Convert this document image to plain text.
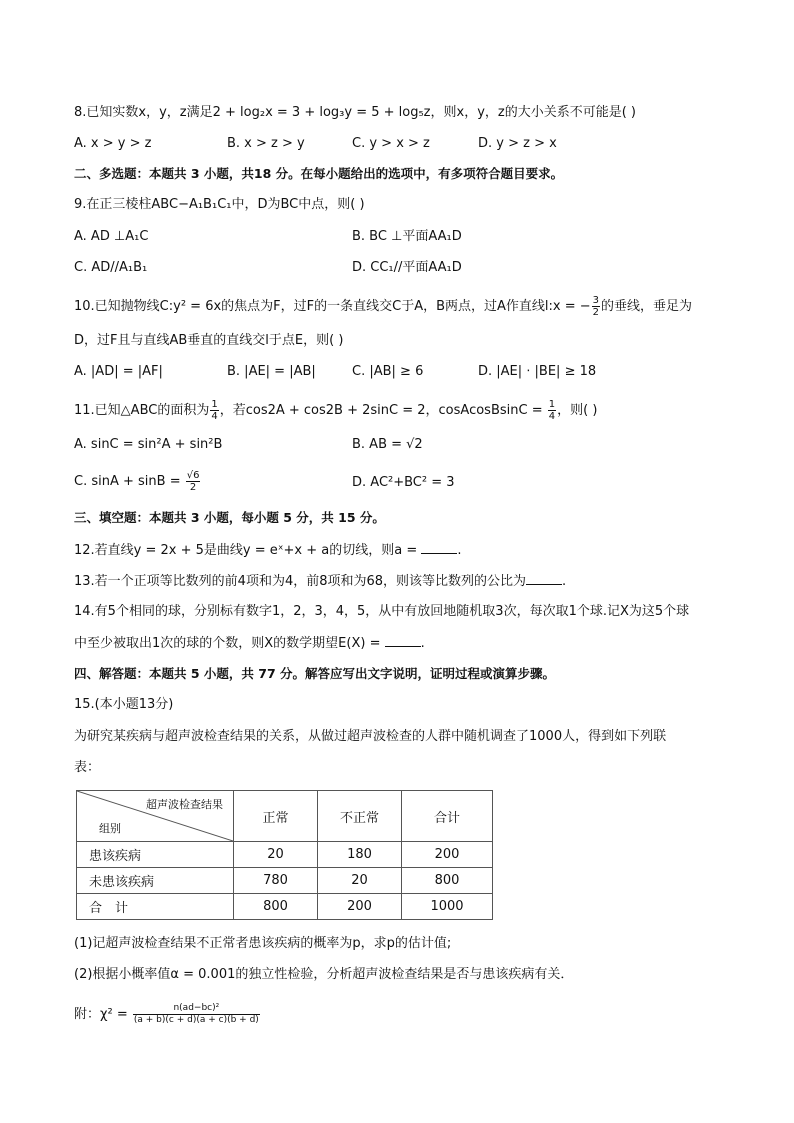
8.已知实数x，y，z满足2 + log₂x = 3 + log₃y = 5 + log₅z，则x，y，z的大小关系不可能是( )
A. x > y > z	B. x > z > y	C. y > x > z	D. y > z > x
二、多选题：本题共 3 小题，共18 分。在每小题给出的选项中，有多项符合题目要求。
9.在正三棱柱ABC−A₁B₁C₁中，D为BC中点，则( )
A. AD ⊥A₁C	B. BC ⊥平面AA₁D
C. AD//A₁B₁	D. CC₁//平面AA₁D
10.已知抛物线C:y² = 6x的焦点为F，过F的一条直线交C于A，B两点，过A作直线l:x = − $\frac{3}{2}$ 的垂线，垂足为
D，过F且与直线AB垂直的直线交l于点E，则( )
A. |AD| = |AF|	B. |AE| = |AB|	C. |AB| ≥ 6	D. |AE| ⋅ |BE| ≥ 18
11.已知△ABC的面积为 $\frac{1}{4}$ ，若cos2A + cos2B + 2sinC = 2，cosAcosBsinC = $\frac{1}{4}$ ，则( )
A. sinC = sin²A + sin²B	B. AB = √2
C. $\sin A + \sin B = \frac{√6}{2}$	D. AC²+BC² = 3
三、填空题：本题共 3 小题，每小题 5 分，共 15 分。
12.若直线y = 2x + 5是曲线y = eˣ+x + a的切线，则a =	.
13.若一个正项等比数列的前4项和为4，前8项和为68，则该等比数列的公比为	.
14.有5个相同的球，分别标有数字1，2，3，4，5，从中有放回地随机取3次，每次取1个球.记X为这5个球
中至少被取出1次的球的个数，则X的数学期望E(X) =	.
四、解答题：本题共 5 小题，共 77 分。解答应写出文字说明，证明过程或演算步骤。
15.(本小题13分)
为研究某疾病与超声波检查结果的关系，从做过超声波检查的人群中随机调查了1000人，得到如下列联
表：
超声波检查结果
组别	正常	不正常	合计
患该疾病	20	180	200
未患该疾病	780	20	800
合　计	800	200	1000
(1)记超声波检查结果不正常者患该疾病的概率为p，求p的估计值;
(2)根据小概率值α = 0.001的独立性检验，分析超声波检查结果是否与患该疾病有关．
附：$\chi^2 = \frac{\text{n(ad−bc)²}}{(a + b)(c + d)(a + c)(b + d)}$
